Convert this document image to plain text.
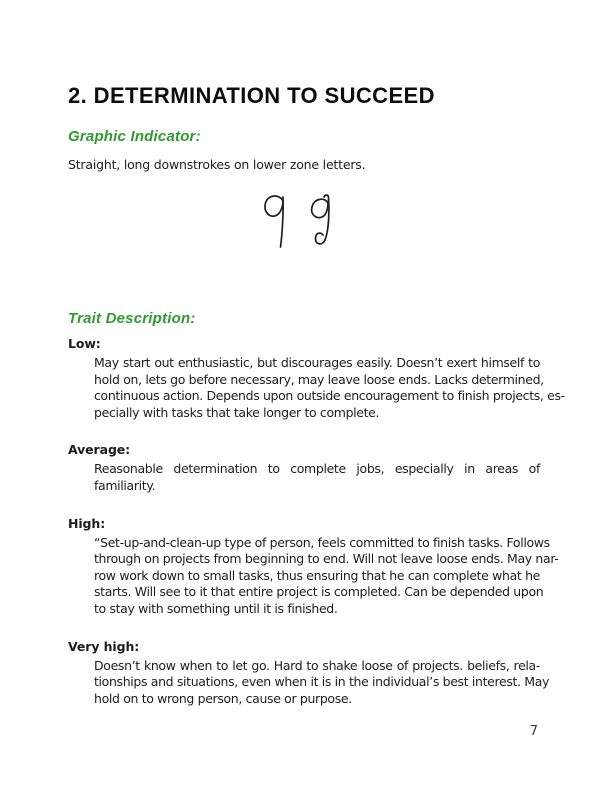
2. DETERMINATION TO SUCCEED
Graphic Indicator:
Straight, long downstrokes on lower zone letters.
Trait Description:
Low:
May start out enthusiastic, but discourages easily. Doesn’t exert himself to
hold on, lets go before necessary, may leave loose ends. Lacks determined,
continuous action. Depends upon outside encouragement to finish projects, es-
pecially with tasks that take longer to complete.
Average:
Reasonable determination to complete jobs, especially in areas of familiarity.
High:
“Set-up-and-clean-up type of person, feels committed to finish tasks. Follows
through on projects from beginning to end. Will not leave loose ends. May nar-
row work down to small tasks, thus ensuring that he can complete what he
starts. Will see to it that entire project is completed. Can be depended upon
to stay with something until it is finished.
Very high:
Doesn’t know when to let go. Hard to shake loose of projects. beliefs, rela-
tionships and situations, even when it is in the individual’s best interest. May
hold on to wrong person, cause or purpose.
7
